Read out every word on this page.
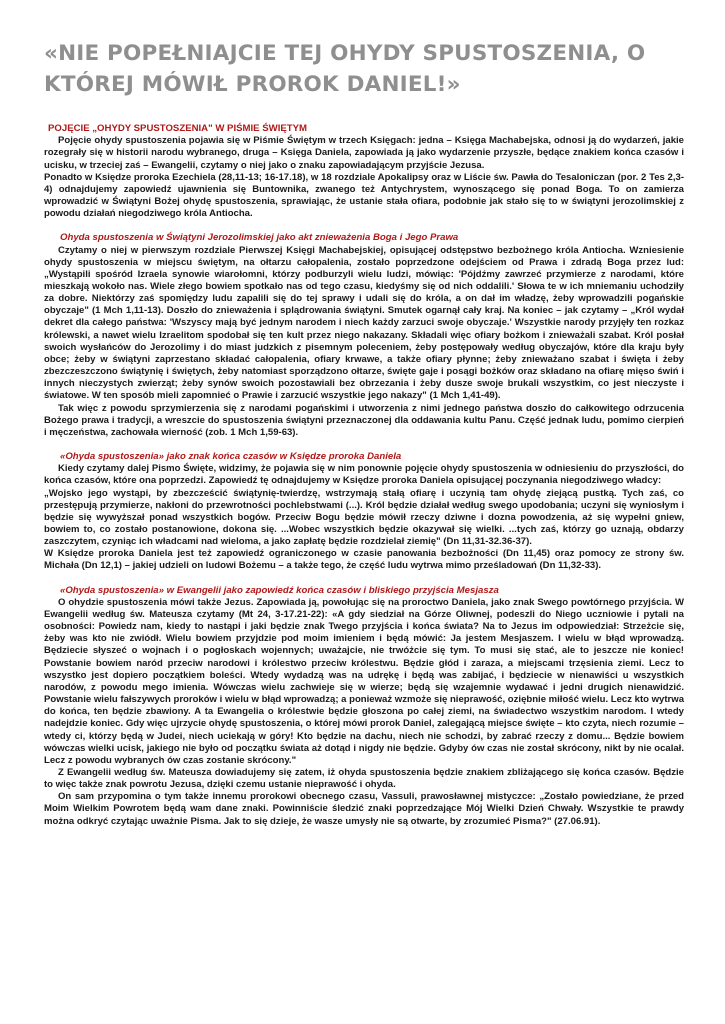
«NIE POPEŁNIAJCIE TEJ OHYDY SPUSTOSZENIA, O KTÓREJ MÓWIŁ PROROK DANIEL!»
POJĘCIE „OHYDY SPUSTOSZENIA" W PIŚMIE ŚWIĘTYM

Pojęcie ohydy spustoszenia pojawia się w Piśmie Świętym w trzech Księgach: jedna – Księga Machabejska, odnosi ją do wydarzeń, jakie rozegrały się w historii narodu wybranego, druga – Księga Daniela, zapowiada ją jako wydarzenie przyszłe, będące znakiem końca czasów i ucisku, w trzeciej zaś – Ewangelii, czytamy o niej jako o znaku zapowiadającym przyjście Jezusa.

Ponadto w Księdze proroka Ezechiela (28,11-13; 16-17.18), w 18 rozdziale Apokalipsy oraz w Liście św. Pawła do Tesaloniczan (por. 2 Tes 2,3-4) odnajdujemy zapowiedź ujawnienia się Buntownika, zwanego też Antychrystem, wynoszącego się ponad Boga. To on zamierza wprowadzić w Świątyni Bożej ohydę spustoszenia, sprawiając, że ustanie stała ofiara, podobnie jak stało się to w świątyni jerozolimskiej z powodu działań niegodziwego króla Antiocha.

Ohyda spustoszenia w Świątyni Jerozolimskiej jako akt znieważenia Boga i Jego Prawa

Czytamy o niej w pierwszym rozdziale Pierwszej Księgi Machabejskiej, opisującej odstępstwo bezbożnego króla Antiocha. Wzniesienie ohydy spustoszenia w miejscu świętym, na ołtarzu całopalenia, zostało poprzedzone odejściem od Prawa i zdradą Boga przez lud: „Wystąpili spośród Izraela synowie wiarołomni, którzy podburzyli wielu ludzi, mówiąc: 'Pójdźmy zawrzeć przymierze z narodami, które mieszkają wokoło nas. Wiele złego bowiem spotkało nas od tego czasu, kiedyśmy się od nich oddalili.' Słowa te w ich mniemaniu uchodziły za dobre. Niektórzy zaś spomiędzy ludu zapalili się do tej sprawy i udali się do króla, a on dał im władzę, żeby wprowadzili pogańskie obyczaje" (1 Mch 1,11-13). Doszło do znieważenia i splądrowania świątyni. Smutek ogarnął cały kraj. Na koniec – jak czytamy – „Król wydał dekret dla całego państwa: 'Wszyscy mają być jednym narodem i niech każdy zarzuci swoje obyczaje.' Wszystkie narody przyjęły ten rozkaz królewski, a nawet wielu Izraelitom spodobał się ten kult przez niego nakazany. Składali więc ofiary bożkom i znieważali szabat. Król posłał swoich wysłańców do Jerozolimy i do miast judzkich z pisemnym poleceniem, żeby postępowały według obyczajów, które dla kraju były obce; żeby w świątyni zaprzestano składać całopalenia, ofiary krwawe, a także ofiary płynne; żeby znieważano szabat i święta i żeby zbezczeszczono świątynię i świętych, żeby natomiast sporządzono ołtarze, święte gaje i posągi bożków oraz składano na ofiarę mięso świń i innych nieczystych zwierząt; żeby synów swoich pozostawiali bez obrzezania i żeby dusze swoje brukali wszystkim, co jest nieczyste i światowe. W ten sposób mieli zapomnieć o Prawie i zarzucić wszystkie jego nakazy" (1 Mch 1,41-49).

Tak więc z powodu sprzymierzenia się z narodami pogańskimi i utworzenia z nimi jednego państwa doszło do całkowitego odrzucenia Bożego prawa i tradycji, a wreszcie do spustoszenia świątyni przeznaczonej dla oddawania kultu Panu. Część jednak ludu, pomimo cierpień i męczeństwa, zachowała wierność (zob. 1 Mch 1,59-63).

«Ohyda spustoszenia» jako znak końca czasów w Księdze proroka Daniela

Kiedy czytamy dalej Pismo Święte, widzimy, że pojawia się w nim ponownie pojęcie ohydy spustoszenia w odniesieniu do przyszłości, do końca czasów, które ona poprzedzi. Zapowiedź tę odnajdujemy w Księdze proroka Daniela opisującej poczynania niegodziwego władcy:

„Wojsko jego wystąpi, by zbezcześcić świątynię-twierdzę, wstrzymają stałą ofiarę i uczynią tam ohydę ziejącą pustką. Tych zaś, co przestępują przymierze, nakłoni do przewrotności pochlebstwami (...). Król będzie działał według swego upodobania; uczyni się wyniosłym i będzie się wywyższał ponad wszystkich bogów. Przeciw Bogu będzie mówił rzeczy dziwne i dozna powodzenia, aż się wypełni gniew, bowiem to, co zostało postanowione, dokona się. ...Wobec wszystkich będzie okazywał się wielki. ...tych zaś, którzy go uznają, obdarzy zaszczytem, czyniąc ich władcami nad wieloma, a jako zapłatę będzie rozdzielał ziemię" (Dn 11,31-32.36-37).

W Księdze proroka Daniela jest też zapowiedź ograniczonego w czasie panowania bezbożności (Dn 11,45) oraz pomocy ze strony św. Michała (Dn 12,1) – jakiej udzieli on ludowi Bożemu – a także tego, że część ludu wytrwa mimo prześladowań (Dn 11,32-33).

«Ohyda spustoszenia» w Ewangelii jako zapowiedź końca czasów i bliskiego przyjścia Mesjasza

O ohydzie spustoszenia mówi także Jezus. Zapowiada ją, powołując się na proroctwo Daniela, jako znak Swego powtórnego przyjścia. W Ewangelii według św. Mateusza czytamy (Mt 24, 3-17.21-22): «A gdy siedział na Górze Oliwnej, podeszli do Niego uczniowie i pytali na osobności: Powiedz nam, kiedy to nastąpi i jaki będzie znak Twego przyjścia i końca świata? Na to Jezus im odpowiedział: Strzeżcie się, żeby was kto nie zwiódł. Wielu bowiem przyjdzie pod moim imieniem i będą mówić: Ja jestem Mesjaszem. I wielu w błąd wprowadzą. Będziecie słyszeć o wojnach i o pogłoskach wojennych; uważajcie, nie trwóżcie się tym. To musi się stać, ale to jeszcze nie koniec! Powstanie bowiem naród przeciw narodowi i królestwo przeciw królestwu. Będzie głód i zaraza, a miejscami trzęsienia ziemi. Lecz to wszystko jest dopiero początkiem boleści. Wtedy wydadzą was na udrękę i będą was zabijać, i będziecie w nienawiści u wszystkich narodów, z powodu mego imienia. Wówczas wielu zachwieje się w wierze; będą się wzajemnie wydawać i jedni drugich nienawidzić. Powstanie wielu fałszywych proroków i wielu w błąd wprowadzą; a ponieważ wzmoże się nieprawość, oziębnie miłość wielu. Lecz kto wytrwa do końca, ten będzie zbawiony. A ta Ewangelia o królestwie będzie głoszona po całej ziemi, na świadectwo wszystkim narodom. I wtedy nadejdzie koniec. Gdy więc ujrzycie ohydę spustoszenia, o której mówi prorok Daniel, zalegającą miejsce święte – kto czyta, niech rozumie – wtedy ci, którzy będą w Judei, niech uciekają w góry! Kto będzie na dachu, niech nie schodzi, by zabrać rzeczy z domu... Będzie bowiem wówczas wielki ucisk, jakiego nie było od początku świata aż dotąd i nigdy nie będzie. Gdyby ów czas nie został skrócony, nikt by nie ocalał. Lecz z powodu wybranych ów czas zostanie skrócony."

Z Ewangelii według św. Mateusza dowiadujemy się zatem, iż ohyda spustoszenia będzie znakiem zbliżającego się końca czasów. Będzie to więc także znak powrotu Jezusa, dzięki czemu ustanie nieprawość i ohyda.

On sam przypomina o tym także innemu prorokowi obecnego czasu, Vassuli, prawosławnej mistyczce: „Zostało powiedziane, że przed Moim Wielkim Powrotem będą wam dane znaki. Powinniście śledzić znaki poprzedzające Mój Wielki Dzień Chwały. Wszystkie te prawdy można odkryć czytając uważnie Pisma. Jak to się dzieje, że wasze umysły nie są otwarte, by zrozumieć Pisma?" (27.06.91).
